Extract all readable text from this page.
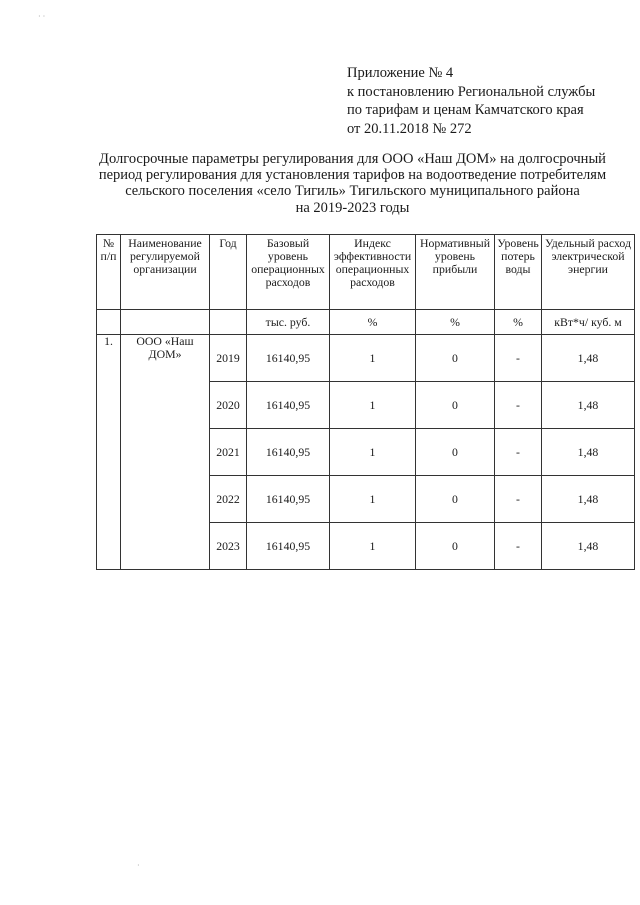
· ·
Приложение № 4
к постановлению Региональной службы
по тарифам и ценам Камчатского края
от 20.11.2018 № 272
Долгосрочные параметры регулирования для ООО «Наш ДОМ» на долгосрочный
период регулирования для установления тарифов на водоотведение потребителям
сельского поселения «село Тигиль» Тигильского муниципального района
на 2019-2023 годы
№ п/п	Наименование регулируемой организации	Год	Базовый уровень операционных расходов	Индекс эффективности операционных расходов	Нормативный уровень прибыли	Уровень потерь воды	Удельный расход электрической энергии
			тыс. руб.	%	%	%	кВт*ч/ куб. м
1.	ООО «Наш ДОМ»	2019	16140,95	1	0	-	1,48
		2020	16140,95	1	0	-	1,48
		2021	16140,95	1	0	-	1,48
		2022	16140,95	1	0	-	1,48
		2023	16140,95	1	0	-	1,48
·
